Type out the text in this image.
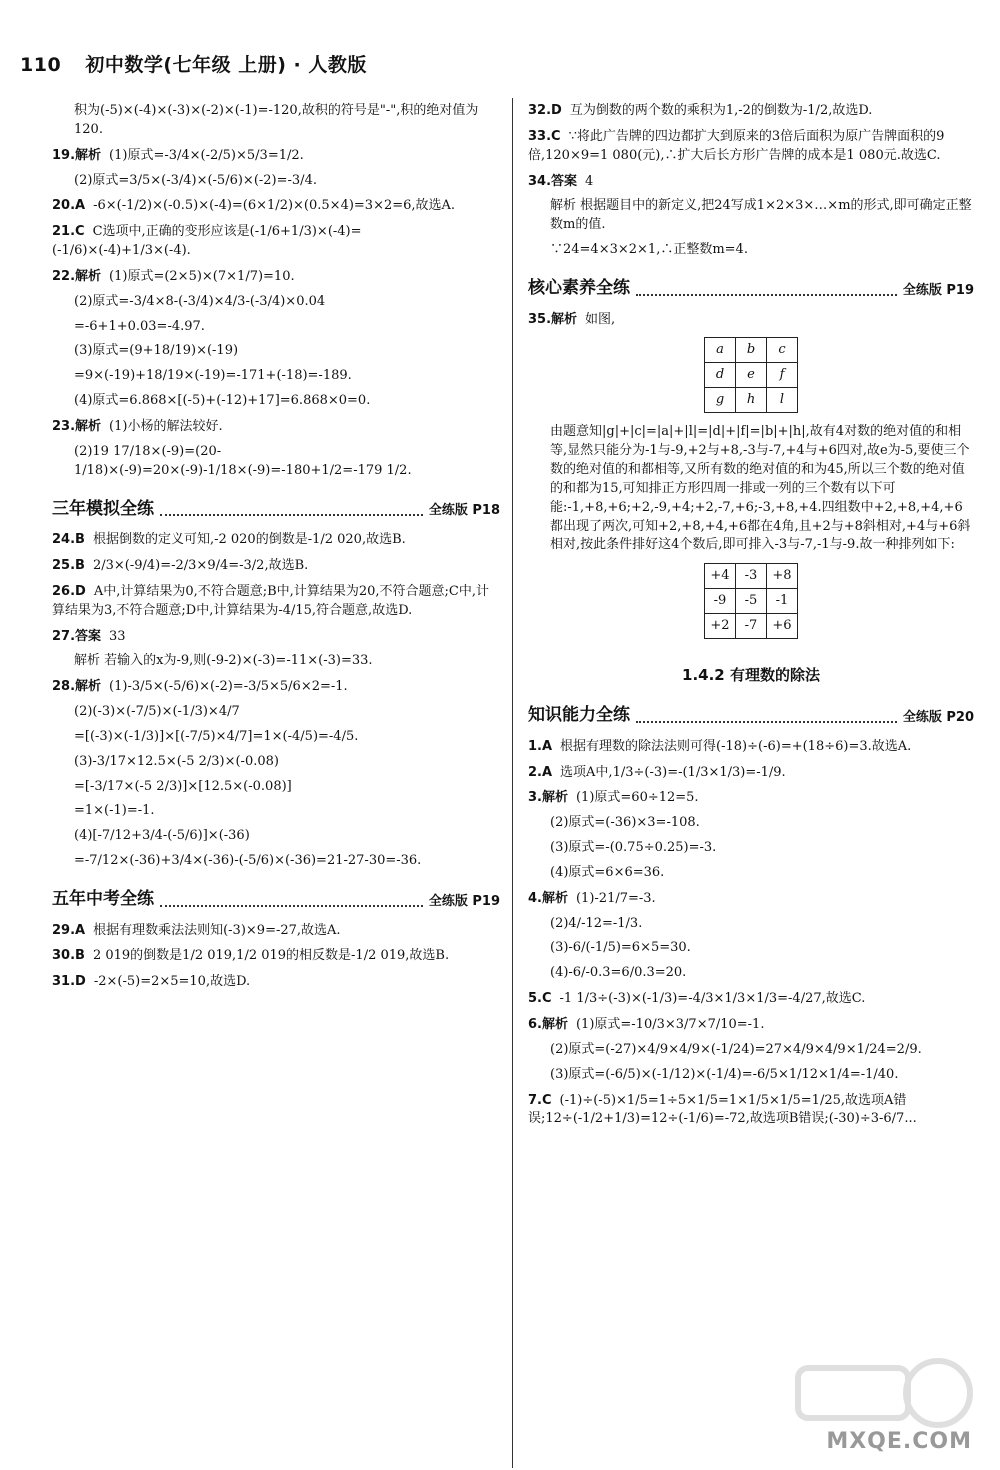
110 初中数学(七年级 上册) · 人教版
积为(-5)×(-4)×(-3)×(-2)×(-1)=-120,故积的符号是"-",积的绝对值为120.
19.解析 (1)原式=-3/4×(-2/5)×5/3=1/2.
(2)原式=3/5×(-3/4)×(-5/6)×(-2)=-3/4.
20.A -6×(-1/2)×(-0.5)×(-4)=(6×1/2)×(0.5×4)=3×2=6,故选A.
21.C C选项中,正确的变形应该是(-1/6+1/3)×(-4)=(-1/6)×(-4)+1/3×(-4).
22.解析 (1)原式=(2×5)×(7×1/7)=10.
(2)原式=-3/4×8-(-3/4)×4/3-(-3/4)×0.04
=-6+1+0.03=-4.97.
(3)原式=(9+18/19)×(-19)
=9×(-19)+18/19×(-19)=-171+(-18)=-189.
(4)原式=6.868×[(-5)+(-12)+17]=6.868×0=0.
23.解析 (1)小杨的解法较好.
(2)19 17/18×(-9)=(20-1/18)×(-9)=20×(-9)-1/18×(-9)=-180+1/2=-179 1/2.
三年模拟全练	全练版 P18
24.B 根据倒数的定义可知,-2 020的倒数是-1/2 020,故选B.
25.B 2/3×(-9/4)=-2/3×9/4=-3/2,故选B.
26.D A中,计算结果为0,不符合题意;B中,计算结果为20,不符合题意;C中,计算结果为3,不符合题意;D中,计算结果为-4/15,符合题意,故选D.
27.答案 33
解析 若输入的x为-9,则(-9-2)×(-3)=-11×(-3)=33.
28.解析 (1)-3/5×(-5/6)×(-2)=-3/5×5/6×2=-1.
(2)(-3)×(-7/5)×(-1/3)×4/7
=[(-3)×(-1/3)]×[(-7/5)×4/7]=1×(-4/5)=-4/5.
(3)-3/17×12.5×(-5 2/3)×(-0.08)
=[-3/17×(-5 2/3)]×[12.5×(-0.08)]
=1×(-1)=-1.
(4)[-7/12+3/4-(-5/6)]×(-36)
=-7/12×(-36)+3/4×(-36)-(-5/6)×(-36)=21-27-30=-36.
五年中考全练	全练版 P19
29.A 根据有理数乘法法则知(-3)×9=-27,故选A.
30.B 2 019的倒数是1/2 019,1/2 019的相反数是-1/2 019,故选B.
31.D -2×(-5)=2×5=10,故选D.
32.D 互为倒数的两个数的乘积为1,-2的倒数为-1/2,故选D.
33.C ∵将此广告牌的四边都扩大到原来的3倍后面积为原广告牌面积的9倍,120×9=1 080(元),∴扩大后长方形广告牌的成本是1 080元.故选C.
34.答案 4
解析 根据题目中的新定义,把24写成1×2×3×…×m的形式,即可确定正整数m的值.
∵24=4×3×2×1,∴正整数m=4.
核心素养全练	全练版 P19
35.解析 如图,
a	b	c
d	e	f
g	h	l
由题意知|g|+|c|=|a|+|l|=|d|+|f|=|b|+|h|,故有4对数的绝对值的和相等,显然只能分为-1与-9,+2与+8,-3与-7,+4与+6四对,故e为-5,要使三个数的绝对值的和都相等,又所有数的绝对值的和为45,所以三个数的绝对值的和都为15,可知排正方形四周一排或一列的三个数有以下可能:-1,+8,+6;+2,-9,+4;+2,-7,+6;-3,+8,+4.四组数中+2,+8,+4,+6都出现了两次,可知+2,+8,+4,+6都在4角,且+2与+8斜相对,+4与+6斜相对,按此条件排好这4个数后,即可排入-3与-7,-1与-9.故一种排列如下:
+4	-3	+8
-9	-5	-1
+2	-7	+6
1.4.2 有理数的除法
知识能力全练	全练版 P20
1.A 根据有理数的除法法则可得(-18)÷(-6)=+(18÷6)=3.故选A.
2.A 选项A中,1/3÷(-3)=-(1/3×1/3)=-1/9.
3.解析 (1)原式=60÷12=5.
(2)原式=(-36)×3=-108.
(3)原式=-(0.75÷0.25)=-3.
(4)原式=6×6=36.
4.解析 (1)-21/7=-3.
(2)4/-12=-1/3.
(3)-6/(-1/5)=6×5=30.
(4)-6/-0.3=6/0.3=20.
5.C -1 1/3÷(-3)×(-1/3)=-4/3×1/3×1/3=-4/27,故选C.
6.解析 (1)原式=-10/3×3/7×7/10=-1.
(2)原式=(-27)×4/9×4/9×(-1/24)=27×4/9×4/9×1/24=2/9.
(3)原式=(-6/5)×(-1/12)×(-1/4)=-6/5×1/12×1/4=-1/40.
7.C (-1)÷(-5)×1/5=1÷5×1/5=1×1/5×1/5=1/25,故选项A错误;12÷(-1/2+1/3)=12÷(-1/6)=-72,故选项B错误;(-30)÷3-6/7...
MXQE.COM
